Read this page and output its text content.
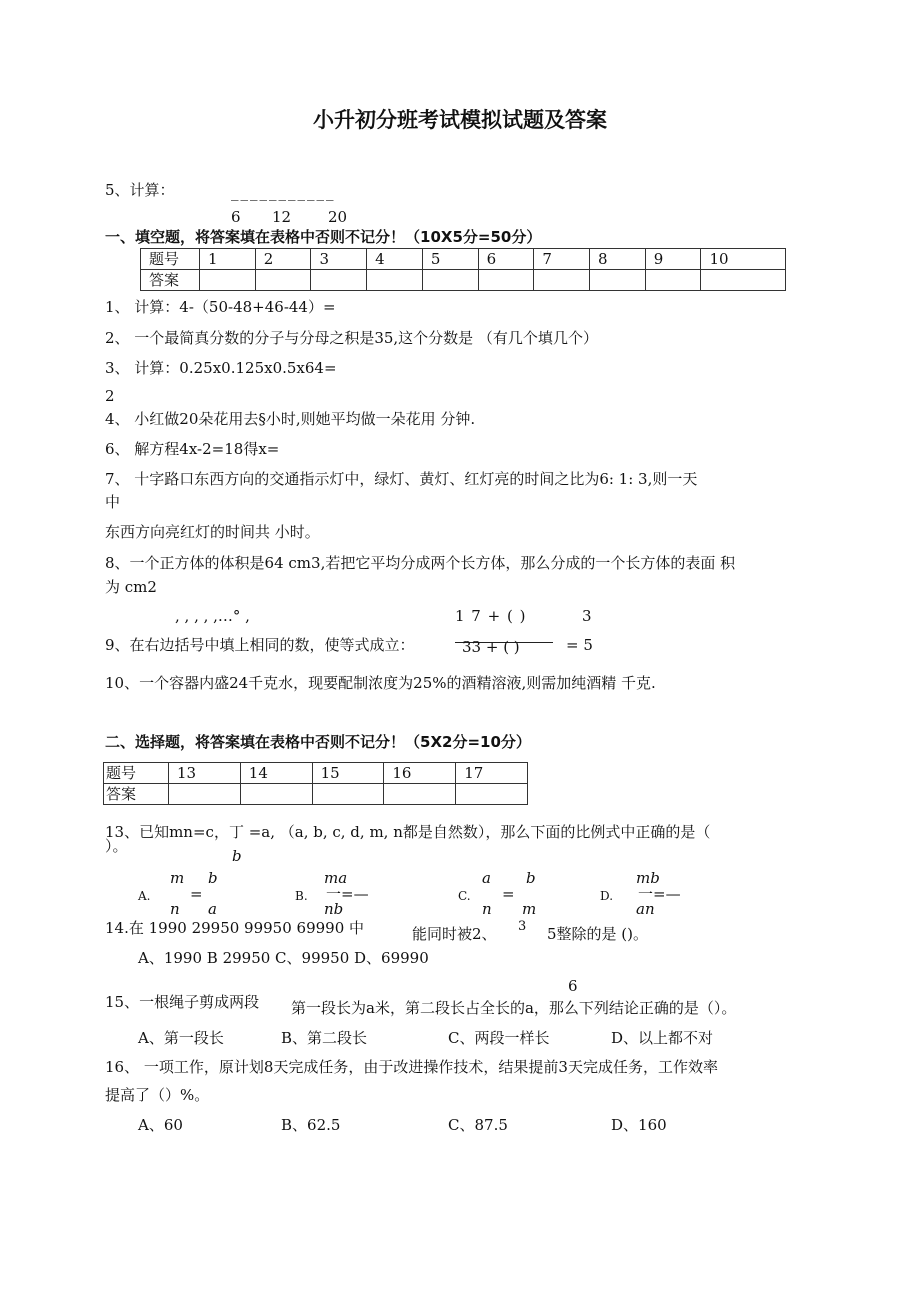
小升初分班考试模拟试题及答案
5、计算：	___________
6 12 20
一、填空题，将答案填在表格中否则不记分！（10X5分=50分）
题号	1	2	3	4	5	6	7	8	9	10
答案										
1、 计算：4-（50-48+46-44）=
2、 一个最简真分数的分子与分母之积是35,这个分数是 （有几个填几个）
3、 计算：0.25x0.125x0.5x64=
2
4、 小红做20朵花用去§小时,则她平均做一朵花用 分钟.
6、 解方程4x-2=18得x=
7、 十字路口东西方向的交通指示灯中，绿灯、黄灯、红灯亮的时间之比为6: 1: 3,则一天
中
东西方向亮红灯的时间共 小时。
8、一个正方体的体积是64 cm3,若把它平均分成两个长方体，那么分成的一个长方体的表面 积
为 cm2
, , , , ,…° ,	1 7 + ( )	3
9、在右边括号中填上相同的数，使等式成立：	33 + ( )	= 5
10、一个容器内盛24千克水，现要配制浓度为25%的酒精溶液,则需加纯酒精 千克.
二、选择题，将答案填在表格中否则不记分！（5X2分=10分）
题号	13	14	15	16	17
答案					
13、已知mn=c，丁 =a, （a, b, c, d, m, n都是自然数），那么下面的比例式中正确的是（
）。
b
A.
m
=
n
b
a
B.
ma
一=—
nb
C.
a
=
n
b
m
D.
mb
一=—
an
14.在 1990 29950 99950 69990 中	能同时被2、 3 5整除的是 ()。
A、1990 B 29950 C、99950 D、69990
6
15、一根绳子剪成两段 第一段长为a米，第二段长占全长的a，那么下列结论正确的是（）。
A、第一段长	B、第二段长	C、两段一样长	D、以上都不对
16、 一项工作，原计划8天完成任务，由于改进操作技术，结果提前3天完成任务，工作效率
提高了（）%。
A、60	B、62.5	C、87.5	D、160
